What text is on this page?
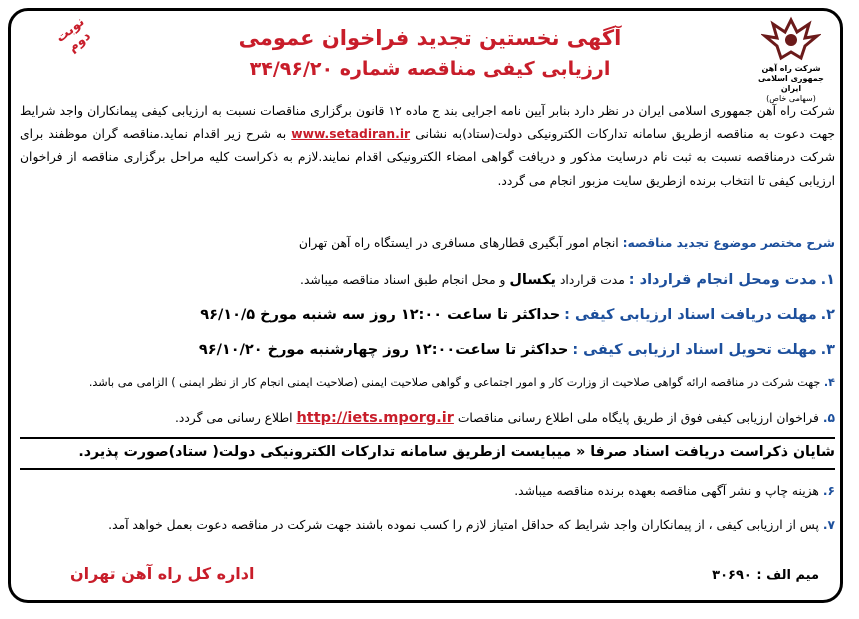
شرکت راه آهن جمهوری اسلامی ایران
(سهامی خاص)
نوبت دوم	آگهی نخستین تجدید فراخوان عمومی
ارزیابی کیفی مناقصه شماره ۳۴/۹۶/۲۰
شرکت راه آهن جمهوری اسلامی ایران در نظر دارد بنابر آیین نامه اجرایی بند ج ماده ۱۲ قانون برگزاری مناقصات نسبت به ارزیابی کیفی پیمانکاران واجد شرایط جهت دعوت به مناقصه ازطریق سامانه تدارکات الکترونیکی دولت(ستاد)به نشانی www.setadiran.ir به شرح زیر اقدام نماید.مناقصه گران موظفند برای شرکت درمناقصه نسبت به ثبت نام درسایت مذکور و دریافت گواهی امضاء الکترونیکی اقدام نمایند.لازم به ذکراست کلیه مراحل برگزاری مناقصه از فراخوان ارزیابی کیفی تا انتخاب برنده ازطریق سایت مزبور انجام می گردد.
شرح مختصر موضوع تجدید مناقصه: انجام امور آبگیری قطارهای مسافری در ایستگاه راه آهن تهران
۱. مدت ومحل انجام قرارداد : مدت قرارداد یکسال و محل انجام طبق اسناد مناقصه میباشد.
۲. مهلت دریافت اسناد ارزیابی کیفی : حداکثر تا ساعت ۱۲:۰۰ روز سه شنبه مورخ ۹۶/۱۰/۵
۳. مهلت تحویل اسناد ارزیابی کیفی : حداکثر تا ساعت۱۲:۰۰ روز چهارشنبه مورخ ۹۶/۱۰/۲۰
۴. جهت شرکت در مناقصه ارائه گواهی صلاحیت از وزارت کار و امور اجتماعی و گواهی صلاحیت ایمنی (صلاحیت ایمنی انجام کار از نظر ایمنی ) الزامی می باشد.
۵. فراخوان ارزیابی کیفی فوق از طریق پایگاه ملی اطلاع رسانی مناقصات http://iets.mporg.ir اطلاع رسانی می گردد.
شایان ذکراست دریافت اسناد صرفا « میبایست ازطریق سامانه تدارکات الکترونیکی دولت( ستاد)صورت پذیرد.
۶. هزینه چاپ و نشر آگهی مناقصه بعهده برنده مناقصه میباشد.
۷. پس از ارزیابی کیفی ، از پیمانکاران واجد شرایط که حداقل امتیاز لازم را کسب نموده باشند جهت شرکت در مناقصه دعوت بعمل خواهد آمد.
اداره کل راه آهن تهران	میم الف : ۳۰۶۹۰
